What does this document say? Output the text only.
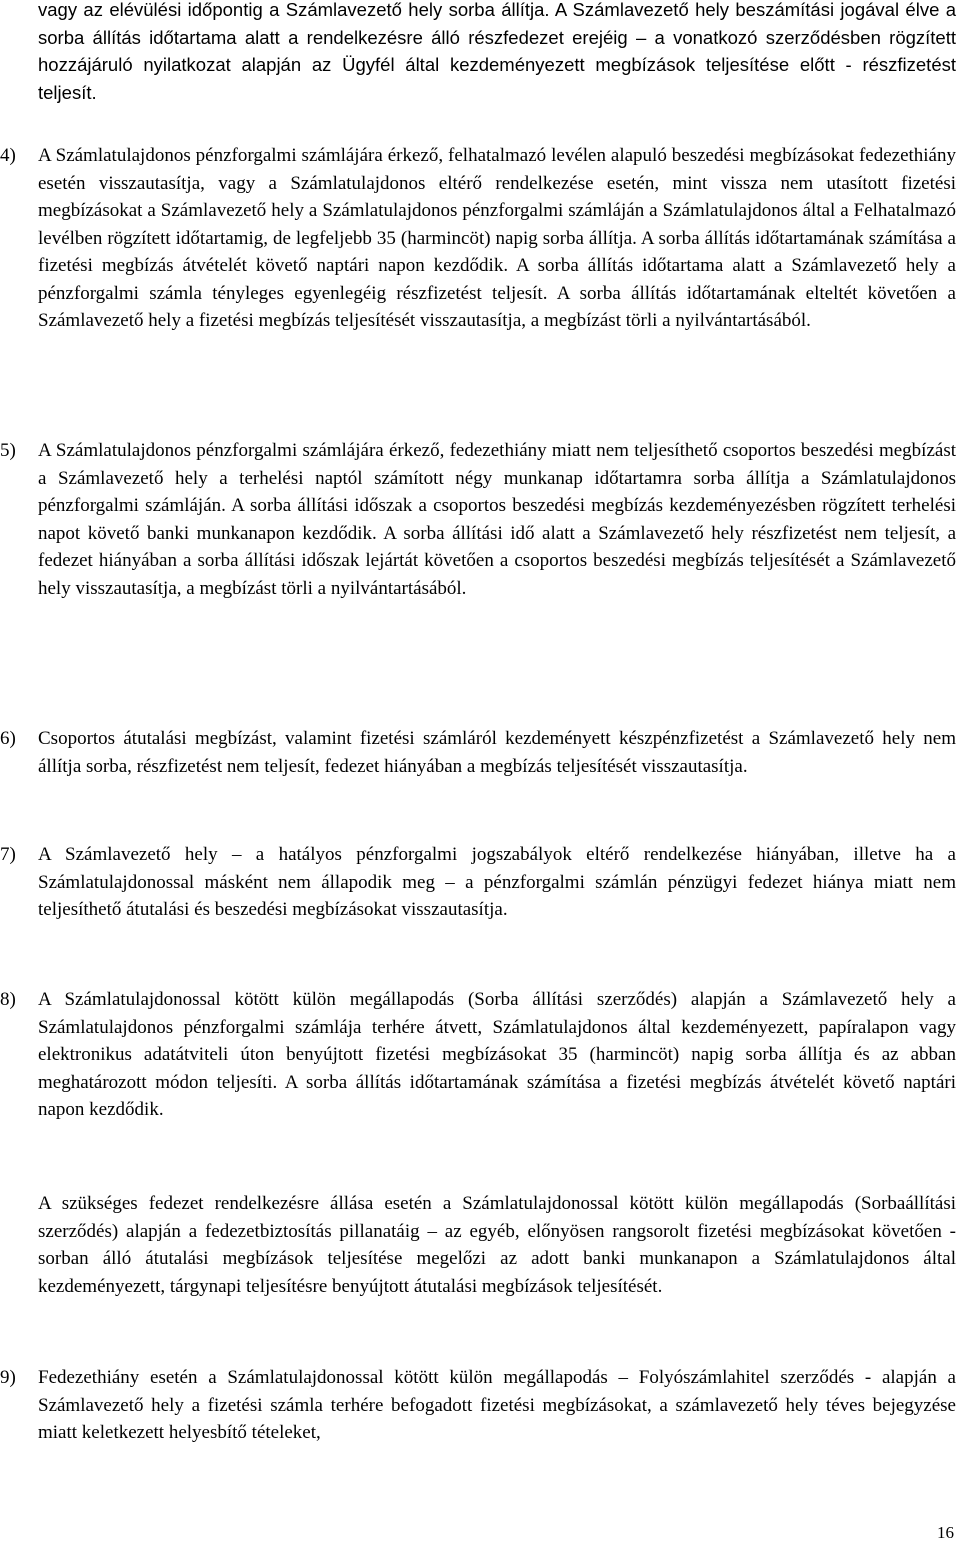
vagy az elévülési időpontig a Számlavezető hely sorba állítja. A Számlavezető hely beszámítási jogával élve a sorba állítás időtartama alatt a rendelkezésre álló részfedezet erejéig – a vonatkozó szerződésben rögzített hozzájáruló nyilatkozat alapján az Ügyfél által kezdeményezett megbízások teljesítése előtt - részfizetést teljesít.

4) A Számlatulajdonos pénzforgalmi számlájára érkező, felhatalmazó levélen alapuló beszedési megbízásokat fedezethiány esetén visszautasítja, vagy a Számlatulajdonos eltérő rendelkezése esetén, mint vissza nem utasított fizetési megbízásokat a Számlavezető hely a Számlatulajdonos pénzforgalmi számláján a Számlatulajdonos által a Felhatalmazó levélben rögzített időtartamig, de legfeljebb 35 (harmincöt) napig sorba állítja. A sorba állítás időtartamának számítása a fizetési megbízás átvételét követő naptári napon kezdődik. A sorba állítás időtartama alatt a Számlavezető hely a pénzforgalmi számla tényleges egyenlegéig részfizetést teljesít. A sorba állítás időtartamának elteltét követően a Számlavezető hely a fizetési megbízás teljesítését visszautasítja, a megbízást törli a nyilvántartásából.

5) A Számlatulajdonos pénzforgalmi számlájára érkező, fedezethiány miatt nem teljesíthető csoportos beszedési megbízást a Számlavezető hely a terhelési naptól számított négy munkanap időtartamra sorba állítja a Számlatulajdonos pénzforgalmi számláján. A sorba állítási időszak a csoportos beszedési megbízás kezdeményezésben rögzített terhelési napot követő banki munkanapon kezdődik. A sorba állítási idő alatt a Számlavezető hely részfizetést nem teljesít, a fedezet hiányában a sorba állítási időszak lejártát követően a csoportos beszedési megbízás teljesítését a Számlavezető hely visszautasítja, a megbízást törli a nyilvántartásából.

6) Csoportos átutalási megbízást, valamint fizetési számláról kezdeményett készpénzfizetést a Számlavezető hely nem állítja sorba, részfizetést nem teljesít, fedezet hiányában a megbízás teljesítését visszautasítja.

7) A Számlavezető hely – a hatályos pénzforgalmi jogszabályok eltérő rendelkezése hiányában, illetve ha a Számlatulajdonossal másként nem állapodik meg – a pénzforgalmi számlán pénzügyi fedezet hiánya miatt nem teljesíthető átutalási és beszedési megbízásokat visszautasítja.

8) A Számlatulajdonossal kötött külön megállapodás (Sorba állítási szerződés) alapján a Számlavezető hely a Számlatulajdonos pénzforgalmi számlája terhére átvett, Számlatulajdonos által kezdeményezett, papíralapon vagy elektronikus adatátviteli úton benyújtott fizetési megbízásokat 35 (harmincöt) napig sorba állítja és az abban meghatározott módon teljesíti. A sorba állítás időtartamának számítása a fizetési megbízás átvételét követő naptári napon kezdődik.

A szükséges fedezet rendelkezésre állása esetén a Számlatulajdonossal kötött külön megállapodás (Sorbaállítási szerződés) alapján a fedezetbiztosítás pillanatáig – az egyéb, előnyösen rangsorolt fizetési megbízásokat követően - sorban álló átutalási megbízások teljesítése megelőzi az adott banki munkanapon a Számlatulajdonos által kezdeményezett, tárgynapi teljesítésre benyújtott átutalási megbízások teljesítését.

9) Fedezethiány esetén a Számlatulajdonossal kötött külön megállapodás – Folyószámlahitel szerződés - alapján a Számlavezető hely a fizetési számla terhére befogadott fizetési megbízásokat, a számlavezető hely téves bejegyzése miatt keletkezett helyesbítő tételeket,

16
